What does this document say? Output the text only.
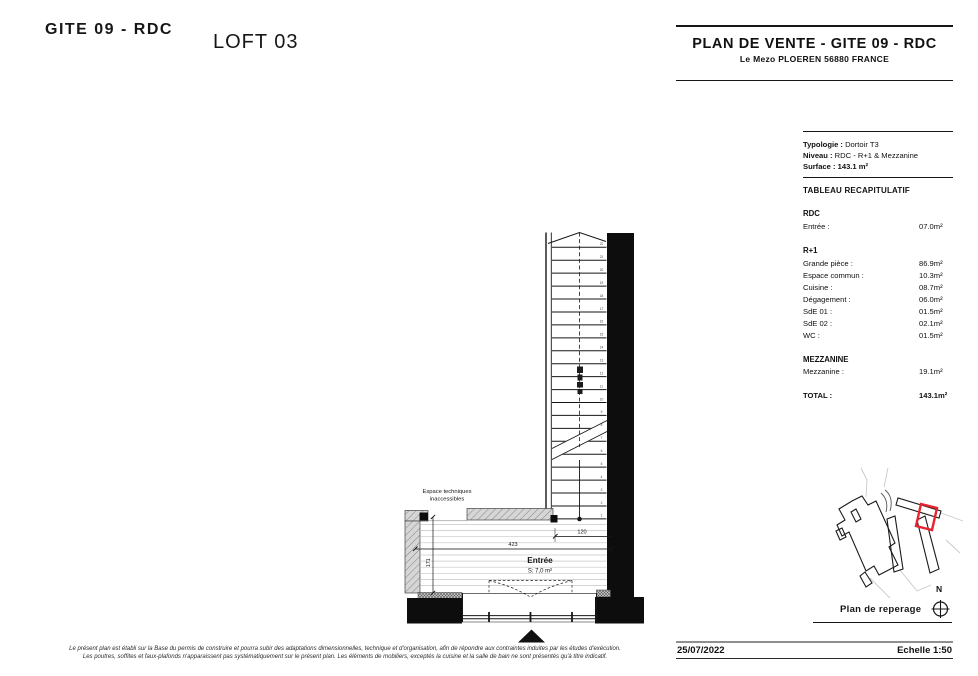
GITE 09 - RDC
LOFT 03	PLAN DE VENTE - GITE 09 - RDC
Le Mezo PLOEREN 56880 FRANCE
Typologie : Dortoir T3
Niveau : RDC - R+1 & Mezzanine
Surface : 143.1 m²
TABLEAU RECAPITULATIF
RDC
Entrée :	07.0m²
R+1
Grande pièce :	86.9m²
Espace commun :	10.3m²
Cuisine :	08.7m²
Dégagement :	06.0m²
SdE 01 :	01.5m²
SdE 02 :	02.1m²
WC :	01.5m²
MEZZANINE
Mezzanine :	19.1m²
TOTAL :	143.1m²
22
21
20
19
18
17
16
15
14
13
12
11
10
9
8
7
6
5
4
3
2
1
423
120
171
Espace techniques
inaccessibles
Entrée
S: 7,0 m²
Plan de reperage
N
25/07/2022	Echelle 1:50
Le présent plan est établi sur la Base du permis de construire et pourra subir des adaptations dimensionnelles, technique et d'organisation, afin de répondre aux contraintes induites par les études d'exécution.
Les poutres, soffites et faux-plafonds n'apparaissent pas systématiquement sur le présent plan. Les éléments de mobiliers, exceptés la cuisine et la salle de bain ne sont présentés qu'à titre indicatif.
